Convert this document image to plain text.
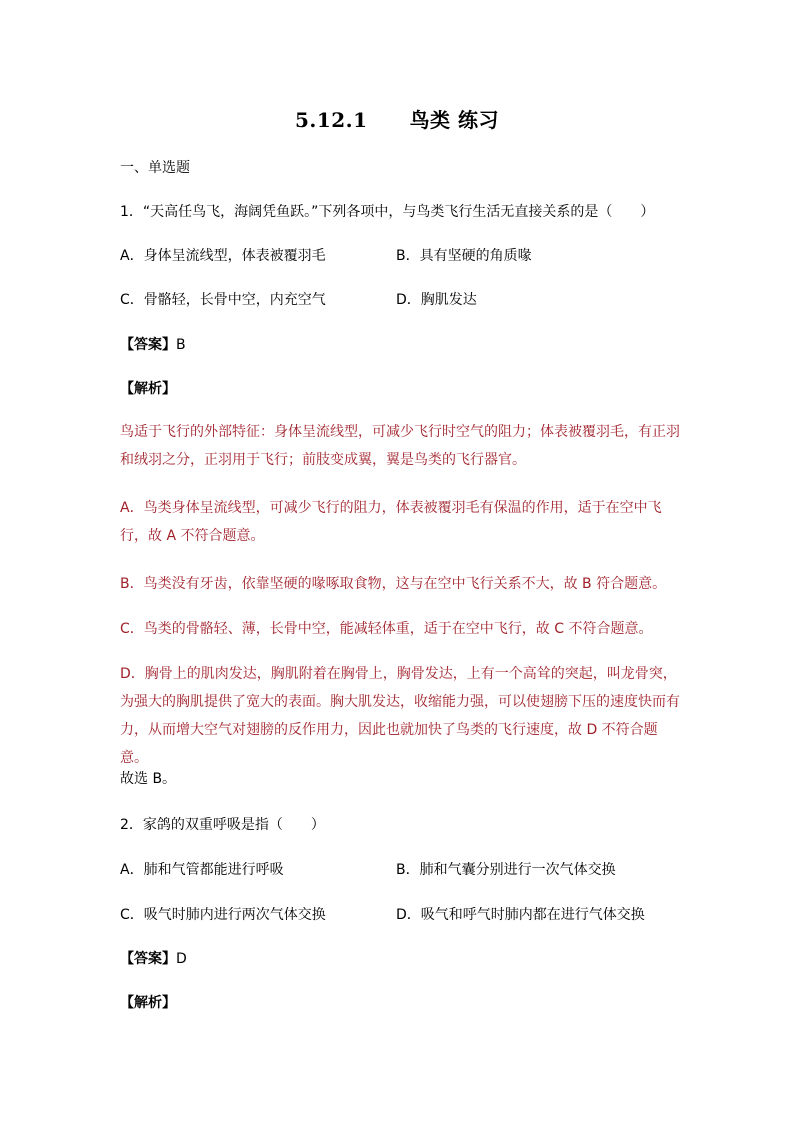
5.12.1 鸟类 练习
一、单选题
1．“天高任鸟飞，海阔凭鱼跃。”下列各项中，与鸟类飞行生活无直接关系的是（　　）
A．身体呈流线型，体表被覆羽毛	B．具有坚硬的角质喙
C．骨骼轻，长骨中空，内充空气	D．胸肌发达
【答案】B
【解析】
鸟适于飞行的外部特征：身体呈流线型，可减少飞行时空气的阻力；体表被覆羽毛，有正羽和绒羽之分，正羽用于飞行；前肢变成翼，翼是鸟类的飞行器官。
A．鸟类身体呈流线型，可减少飞行的阻力，体表被覆羽毛有保温的作用，适于在空中飞行，故 A 不符合题意。
B．鸟类没有牙齿，依靠坚硬的喙啄取食物，这与在空中飞行关系不大，故 B 符合题意。
C．鸟类的骨骼轻、薄，长骨中空，能减轻体重，适于在空中飞行，故 C 不符合题意。
D．胸骨上的肌肉发达，胸肌附着在胸骨上，胸骨发达，上有一个高耸的突起，叫龙骨突，为强大的胸肌提供了宽大的表面。胸大肌发达，收缩能力强，可以使翅膀下压的速度快而有力，从而增大空气对翅膀的反作用力，因此也就加快了鸟类的飞行速度，故 D 不符合题意。
故选 B。
2．家鸽的双重呼吸是指（　　）
A．肺和气管都能进行呼吸	B．肺和气囊分别进行一次气体交换
C．吸气时肺内进行两次气体交换	D．吸气和呼气时肺内都在进行气体交换
【答案】D
【解析】
